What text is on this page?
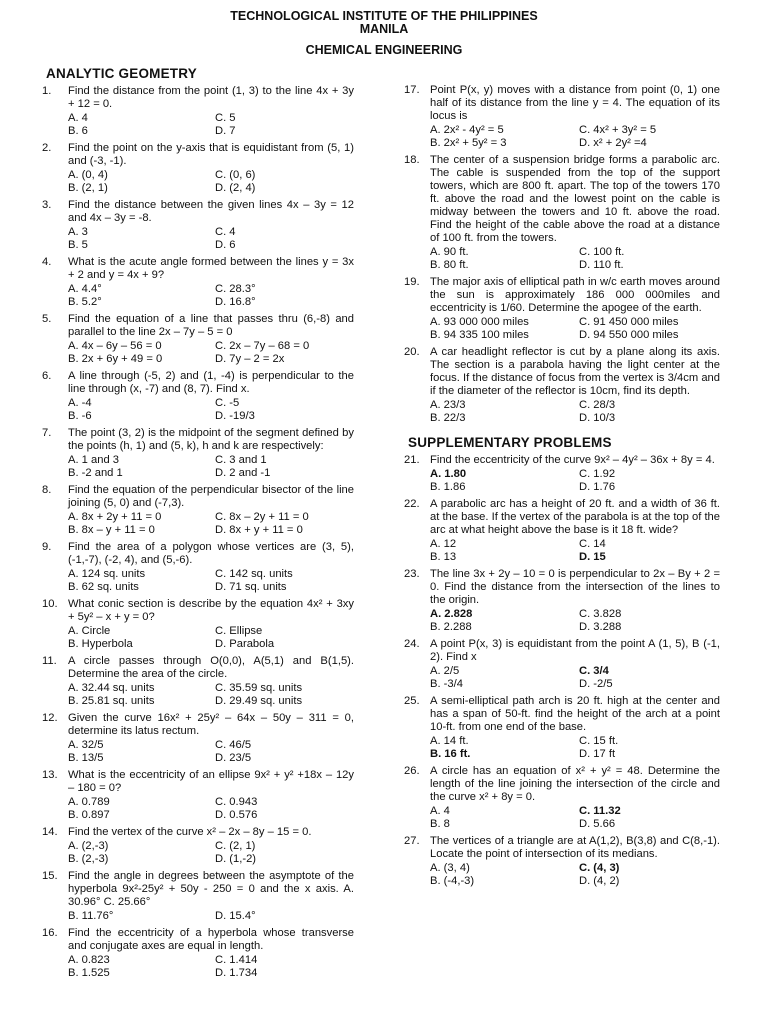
TECHNOLOGICAL INSTITUTE OF THE PHILIPPINES
MANILA
CHEMICAL ENGINEERING
ANALYTIC GEOMETRY
1.	Find the distance from the point (1, 3) to the line 4x + 3y + 12 = 0.
A. 4	C. 5
B. 6	D. 7
2.	Find the point on the y-axis that is equidistant from (5, 1) and (-3, -1).
A. (0, 4)	C. (0, 6)
B. (2, 1)	D. (2, 4)
3.	Find the distance between the given lines 4x – 3y = 12 and 4x – 3y = -8.
A. 3	C. 4
B. 5	D. 6
4.	What is the acute angle formed between the lines y = 3x + 2 and y = 4x + 9?
A. 4.4°	C. 28.3°
B. 5.2°	D. 16.8°
5.	Find the equation of a line that passes thru (6,-8) and parallel to the line 2x – 7y – 5 = 0
A. 4x – 6y – 56 = 0	C. 2x – 7y – 68 = 0
B. 2x + 6y + 49 = 0	D. 7y – 2 = 2x
6.	A line through (-5, 2) and (1, -4) is perpendicular to the line through (x, -7) and (8, 7). Find x.
A. -4	C. -5
B. -6	D. -19/3
7.	The point (3, 2) is the midpoint of the segment defined by the points (h, 1) and (5, k), h and k are respectively:
A. 1 and 3	C. 3 and 1
B. -2 and 1	D. 2 and -1
8.	Find the equation of the perpendicular bisector of the line joining (5, 0) and (-7,3).
A. 8x + 2y + 11 = 0	C. 8x – 2y + 11 = 0
B. 8x – y + 11 = 0	D. 8x + y + 11 = 0
9.	Find the area of a polygon whose vertices are (3, 5), (-1,-7), (-2, 4), and (5,-6).
A. 124 sq. units	C. 142 sq. units
B. 62 sq. units	D. 71 sq. units
10. What conic section is describe by the equation 4x² + 3xy + 5y² – x + y = 0?
A. Circle	C. Ellipse
B. Hyperbola	D. Parabola
11.	A circle passes through O(0,0), A(5,1) and B(1,5). Determine the area of the circle.
A. 32.44 sq. units	C. 35.59 sq. units
B. 25.81 sq. units	D. 29.49 sq. units
12. Given the curve 16x² + 25y² – 64x – 50y – 311 = 0, determine its latus rectum.
A. 32/5	C. 46/5
B. 13/5	D. 23/5
13. What is the eccentricity of an ellipse 9x² + y² +18x – 12y – 180 = 0?
A. 0.789	C. 0.943
B. 0.897	D. 0.576
14. Find the vertex of the curve x² – 2x – 8y – 15 = 0.
A. (2,-3)	C. (2, 1)
B. (2,-3)	D. (1,-2)
15. Find the angle in degrees between the asymptote of the hyperbola 9x²-25y² + 50y - 250 = 0 and the x axis. A. 30.96° C. 25.66°
B. 11.76°	D. 15.4°
16. Find the eccentricity of a hyperbola whose transverse and conjugate axes are equal in length.
A. 0.823	C. 1.414
B. 1.525	D. 1.734
17. Point P(x, y) moves with a distance from point (0, 1) one half of its distance from the line y = 4. The equation of its locus is
A. 2x² - 4y² = 5	C. 4x² + 3y² = 5
B. 2x² + 5y² = 3	D. x² + 2y² =4
18. The center of a suspension bridge forms a parabolic arc. The cable is suspended from the top of the support towers, which are 800 ft. apart. The top of the towers 170 ft. above the road and the lowest point on the cable is midway between the towers and 10 ft. above the road. Find the height of the cable above the road at a distance of 100 ft. from the towers.
A. 90 ft.	C. 100 ft.
B. 80 ft.	D. 110 ft.
19. The major axis of elliptical path in w/c earth moves around the sun is approximately 186 000 000miles and eccentricity is 1/60. Determine the apogee of the earth.
A. 93 000 000 miles	C. 91 450 000 miles
B. 94 335 100 miles	D. 94 550 000 miles
20. A car headlight reflector is cut by a plane along its axis. The section is a parabola having the light center at the focus. If the distance of focus from the vertex is 3/4cm and if the diameter of the reflector is 10cm, find its depth.
A. 23/3	C. 28/3
B. 22/3	D. 10/3
SUPPLEMENTARY PROBLEMS
21. Find the eccentricity of the curve 9x² – 4y² – 36x + 8y = 4.
A. 1.80	C. 1.92
B. 1.86	D. 1.76
22. A parabolic arc has a height of 20 ft. and a width of 36 ft. at the base. If the vertex of the parabola is at the top of the arc at what height above the base is it 18 ft. wide?
A. 12	C. 14
B. 13	D. 15
23. The line 3x + 2y – 10 = 0 is perpendicular to 2x – By + 2 = 0. Find the distance from the intersection of the lines to the origin.
A. 2.828	C. 3.828
B. 2.288	D. 3.288
24. A point P(x, 3) is equidistant from the point A (1, 5), B (-1, 2). Find x
A. 2/5	C. 3/4
B. -3/4	D. -2/5
25. A semi-elliptical path arch is 20 ft. high at the center and has a span of 50-ft. find the height of the arch at a point 10-ft. from one end of the base.
A. 14 ft.	C. 15 ft.
B. 16 ft.	D. 17 ft
26. A circle has an equation of x² + y² = 48. Determine the length of the line joining the intersection of the circle and the curve x² + 8y = 0.
A. 4	C. 11.32
B. 8	D. 5.66
27. The vertices of a triangle are at A(1,2), B(3,8) and C(8,-1). Locate the point of intersection of its medians.
A. (3, 4)	C. (4, 3)
B. (-4,-3)	D. (4, 2)
